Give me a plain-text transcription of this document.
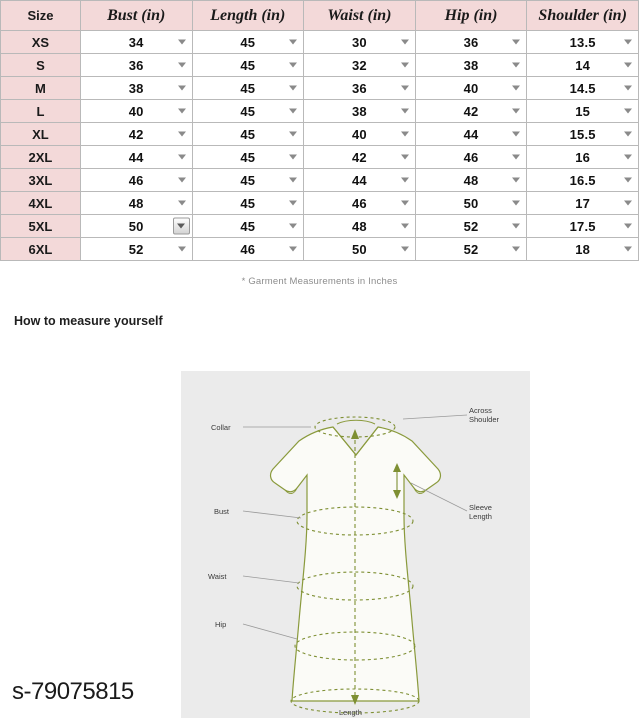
Size	Bust (in)	Length (in)	Waist (in)	Hip (in)	Shoulder (in)
XS	34	45	30	36	13.5

S	36	45	32	38	14

M	38	45	36	40	14.5

L	40	45	38	42	15

XL	42	45	40	44	15.5

2XL	44	45	42	46	16

3XL	46	45	44	48	16.5

4XL	48	45	46	50	17

5XL	50	45	48	52	17.5

6XL	52	46	50	52	18
* Garment Measurements in Inches
How to measure yourself
Collar
Bust
Waist
Hip
Across
Shoulder
Sleeve
Length
Length
s-79075815
